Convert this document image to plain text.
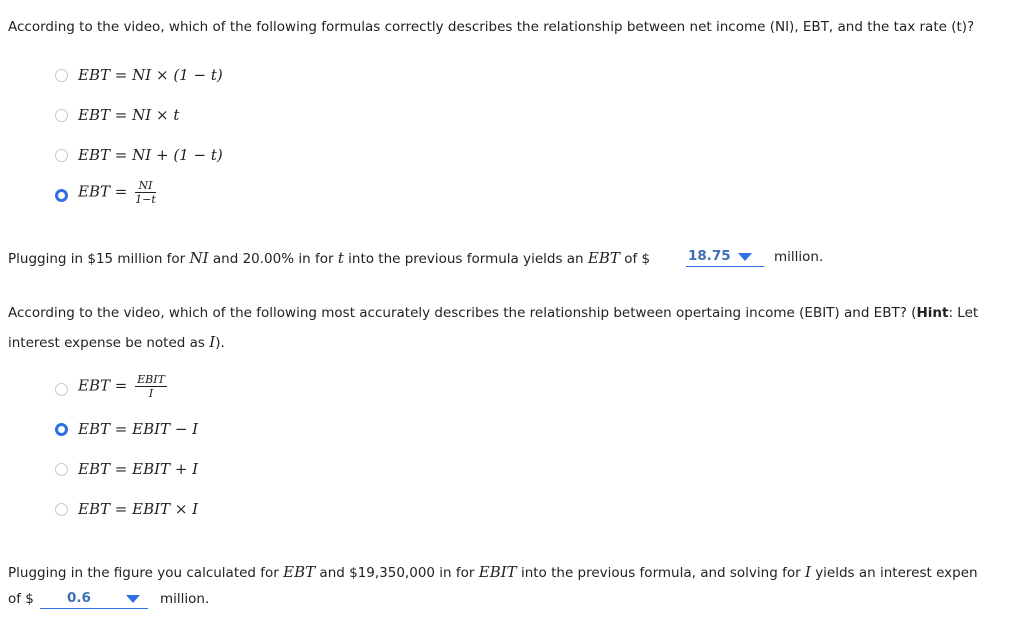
According to the video, which of the following formulas correctly describes the relationship between net income (NI), EBT, and the tax rate (t)?
EBT = NI × (1 − t)
EBT = NI × t
EBT = NI + (1 − t)
EBT = $\frac{NI}{1-t}$
Plugging in $15 million for NI and 20.00% in for t into the previous formula yields an EBT of $	18.75	million.
According to the video, which of the following most accurately describes the relationship between opertaing income (EBIT) and EBT? (Hint: Let
interest expense be noted as I).
EBT = $\frac{\text{EBIT}}{I}$
EBT = EBIT − I
EBT = EBIT + I
EBT = EBIT × I
Plugging in the figure you calculated for EBT and $19,350,000 in for EBIT into the previous formula, and solving for I yields an interest expen
of $ 0.6	million.
